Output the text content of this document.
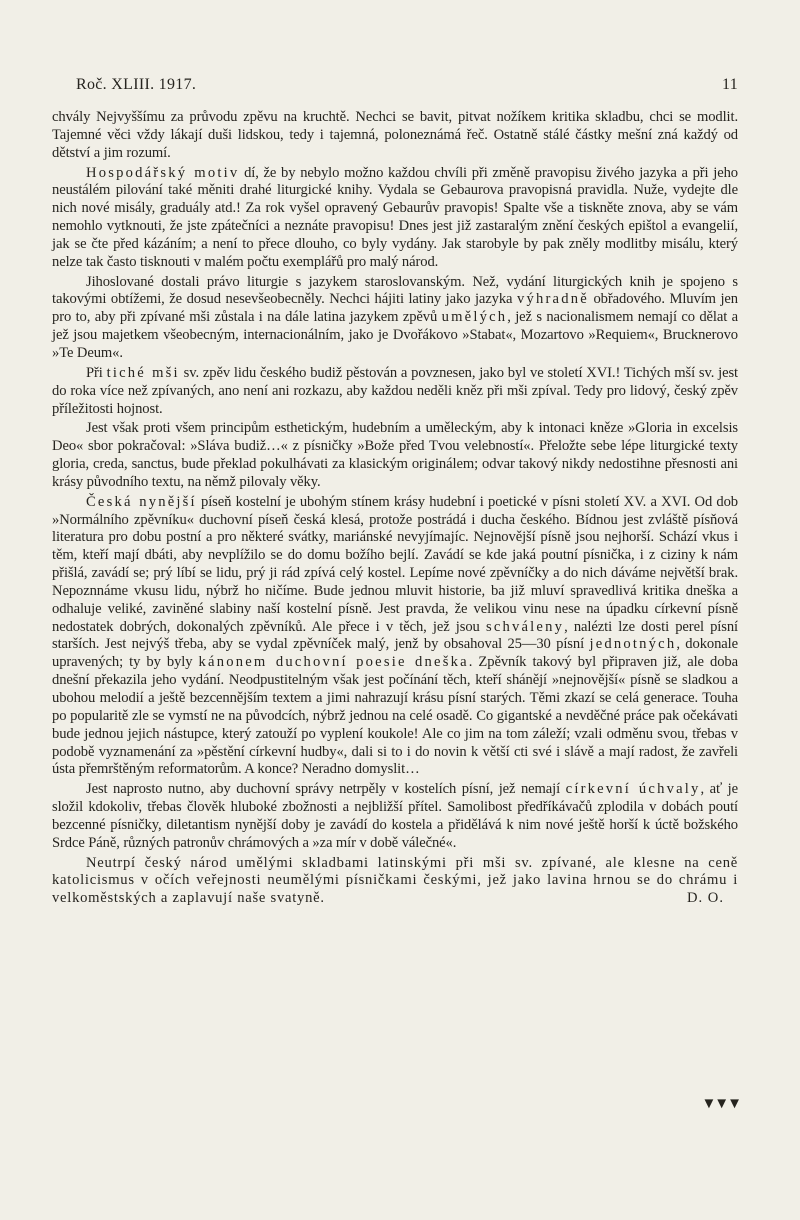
Roč. XLIII. 1917.	11

chvály Nejvyššímu za průvodu zpěvu na kruchtě. Nechci se bavit, pitvat nožíkem kritika skladbu, chci se modlit. Tajemné věci vždy lákají duši lidskou, tedy i tajemná, poloneznámá řeč. Ostatně stálé částky mešní zná každý od dětství a jim rozumí.

Hospodářský motiv dí, že by nebylo možno každou chvíli při změně pravopisu živého jazyka a při jeho neustálém pilování také měniti drahé liturgické knihy. Vydala se Gebaurova pravopisná pravidla. Nuže, vydejte dle nich nové misály, graduály atd.! Za rok vyšel opravený Gebaurův pravopis! Spalte vše a tiskněte znova, aby se vám nemohlo vytknouti, že jste zpátečníci a neznáte pravopisu! Dnes jest již zastaralým znění českých epištol a evangelií, jak se čte před kázáním; a není to přece dlouho, co byly vydány. Jak starobyle by pak zněly modlitby misálu, který nelze tak často tisknouti v malém počtu exemplářů pro malý národ.

Jihoslované dostali právo liturgie s jazykem staroslovanským. Než, vydání liturgických knih je spojeno s takovými obtížemi, že dosud nesevšeobecněly. Nechci hájiti latiny jako jazyka výhradně obřadového. Mluvím jen pro to, aby při zpívané mši zůstala i na dále latina jazykem zpěvů umělých, jež s nacionalismem nemají co dělat a jež jsou majetkem všeobecným, internacionálním, jako je Dvořákovo »Stabat«, Mozartovo »Requiem«, Brucknerovo »Te Deum«.

Při tiché mši sv. zpěv lidu českého budiž pěstován a povznesen, jako byl ve století XVI.! Tichých mší sv. jest do roka více než zpívaných, ano není ani rozkazu, aby každou neděli kněz při mši zpíval. Tedy pro lidový, český zpěv příležitosti hojnost.

Jest však proti všem principům esthetickým, hudebním a uměleckým, aby k intonaci kněze »Gloria in excelsis Deo« sbor pokračoval: »Sláva budiž…« z písničky »Bože před Tvou velebností«. Přeložte sebe lépe liturgické texty gloria, creda, sanctus, bude překlad pokulhávati za klasickým originálem; odvar takový nikdy nedostihne přesnosti ani krásy původního textu, na němž pilovaly věky.

Česká nynější píseň kostelní je ubohým stínem krásy hudební i poetické v písni století XV. a XVI. Od dob »Normálního zpěvníku« duchovní píseň česká klesá, protože postrádá i ducha českého. Bídnou jest zvláště písňová literatura pro dobu postní a pro některé svátky, mariánské nevyjímajíc. Nejnovější písně jsou nejhorší. Schází vkus i těm, kteří mají dbáti, aby nevplížilo se do domu božího bejlí. Zavádí se kde jaká poutní písnička, i z ciziny k nám přišlá, zavádí se; prý líbí se lidu, prý ji rád zpívá celý kostel. Lepíme nové zpěvníčky a do nich dáváme největší brak. Nepoznnáme vkusu lidu, nýbrž ho ničíme. Bude jednou mluvit historie, ba již mluví spravedlivá kritika dneška a odhaluje veliké, zaviněné slabiny naší kostelní písně. Jest pravda, že velikou vinu nese na úpadku církevní písně nedostatek dobrých, dokonalých zpěvníků. Ale přece i v těch, jež jsou schváleny, nalézti lze dosti perel písní starších. Jest nejvýš třeba, aby se vydal zpěvníček malý, jenž by obsahoval 25—30 písní jednotných, dokonale upravených; ty by byly kánonem duchovní poesie dneška. Zpěvník takový byl připraven již, ale doba dnešní překazila jeho vydání. Neodpustitelným však jest počínání těch, kteří shánějí »nejnovější« písně se sladkou a ubohou melodií a ještě bezcennějším textem a jimi nahrazují krásu písní starých. Těmi zkazí se celá generace. Touha po popularitě zle se vymstí ne na původcích, nýbrž jednou na celé osadě. Co gigantské a nevděčné práce pak očekávati bude jednou jejich nástupce, který zatouží po vyplení koukole! Ale co jim na tom záleží; vzali odměnu svou, třebas v podobě vyznamenání za »pěstění církevní hudby«, dali si to i do novin k větší cti své i slávě a mají radost, že zavřeli ústa přemrštěným reformatorům. A konce? Neradno domyslit…

Jest naprosto nutno, aby duchovní správy netrpěly v kostelích písní, jež nemají církevní úchvaly, ať je složil kdokoliv, třebas člověk hluboké zbožnosti a nejbližší přítel. Samolibost předříkávačů zplodila v dobách poutí bezcenné písničky, diletantism nynější doby je zavádí do kostela a přidělává k nim nové ještě horší k úctě božského Srdce Páně, různých patronův chrámových a »za mír v době válečné«.

Neutrpí český národ umělými skladbami latinskými při mši sv. zpívané, ale klesne na ceně katolicismus v očích veřejnosti neumělými písničkami českými, jež jako lavina hrnou se do chrámu i velkoměstských a zaplavují naše svatyně.	D. O.

▼▼▼
